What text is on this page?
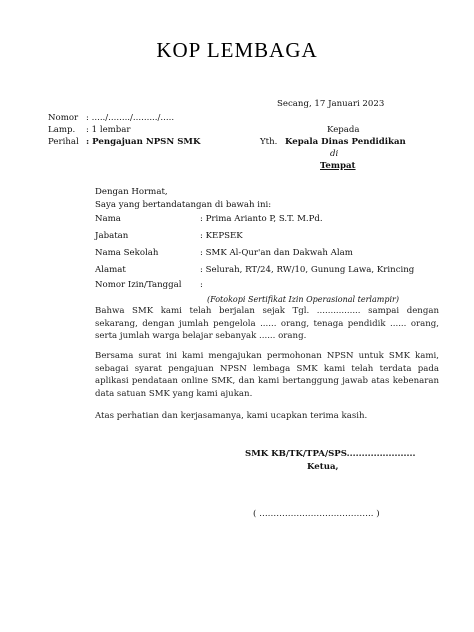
KOP LEMBAGA
Secang, 17 Januari 2023
Nomor : ...../......../........./.....
Lamp. : 1 lembar
Perihal : Pengajuan NPSN SMK
Kepada
Yth. Kepala Dinas Pendidikan
di
Tempat
Dengan Hormat,
Saya yang bertandatangan di bawah ini:
Nama	: Prima Arianto P, S.T. M.Pd.
Jabatan	: KEPSEK
Nama Sekolah	: SMK Al-Qur'an dan Dakwah Alam
Alamat	: Selurah, RT/24, RW/10, Gunung Lawa, Krincing
Nomor Izin/Tanggal :
(Fotokopi Sertifikat Izin Operasional terlampir)
Bahwa SMK kami telah berjalan sejak Tgl. ................ sampai dengan sekarang, dengan jumlah pengelola ...... orang, tenaga pendidik ...... orang, serta jumlah warga belajar sebanyak ...... orang.
Bersama surat ini kami mengajukan permohonan NPSN untuk SMK kami, sebagai syarat pengajuan NPSN lembaga SMK kami telah terdata pada aplikasi pendataan online SMK, dan kami bertanggung jawab atas kebenaran data satuan SMK yang kami ajukan.
Atas perhatian dan kerjasamanya, kami ucapkan terima kasih.
SMK KB/TK/TPA/SPS.......................
Ketua,
( …………………………………. )
